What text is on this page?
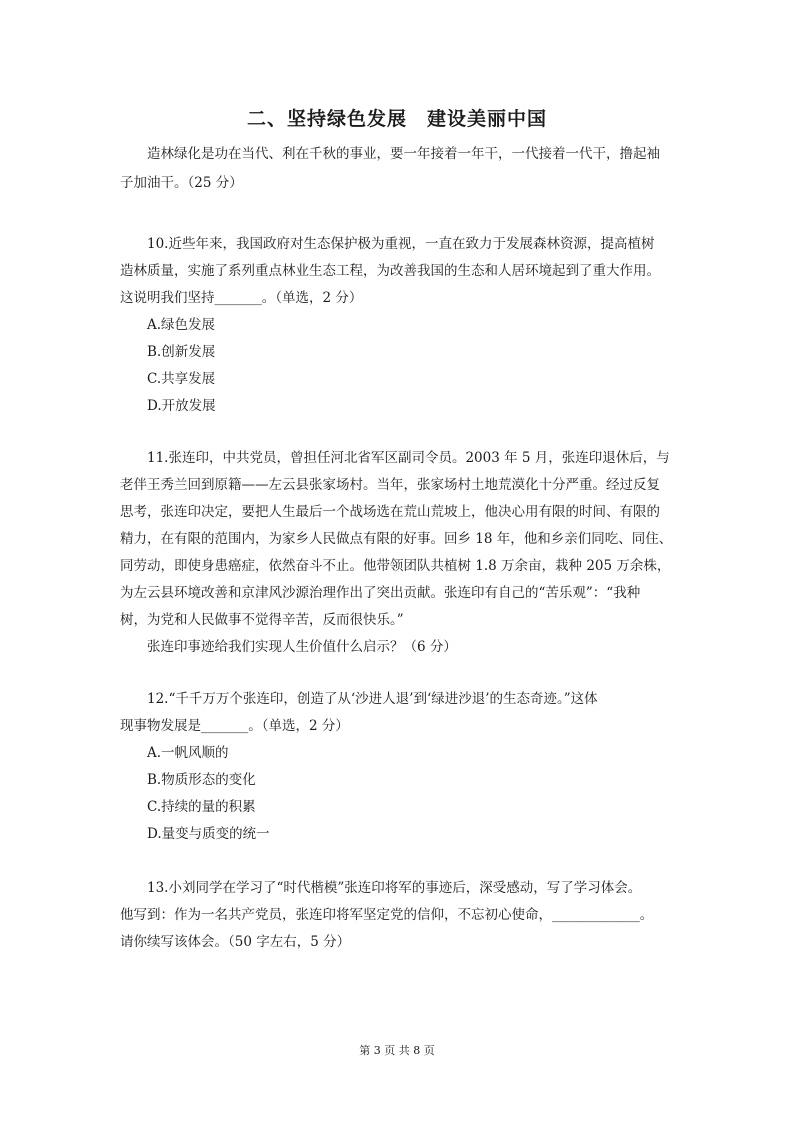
二、坚持绿色发展　建设美丽中国
造林绿化是功在当代、利在千秋的事业，要一年接着一年干，一代接着一代干，撸起袖
子加油干。（25 分）
10.近些年来，我国政府对生态保护极为重视，一直在致力于发展森林资源，提高植树
造林质量，实施了系列重点林业生态工程，为改善我国的生态和人居环境起到了重大作用。
这说明我们坚持_______。（单选，2 分）
A.绿色发展
B.创新发展
C.共享发展
D.开放发展
11.张连印，中共党员，曾担任河北省军区副司令员。2003 年 5 月，张连印退休后，与
老伴王秀兰回到原籍——左云县张家场村。当年，张家场村土地荒漠化十分严重。经过反复
思考，张连印决定，要把人生最后一个战场选在荒山荒坡上，他决心用有限的时间、有限的
精力，在有限的范围内，为家乡人民做点有限的好事。回乡 18 年，他和乡亲们同吃、同住、
同劳动，即使身患癌症，依然奋斗不止。他带领团队共植树 1.8 万余亩，栽种 205 万余株，
为左云县环境改善和京津风沙源治理作出了突出贡献。张连印有自己的“苦乐观”：“我种
树，为党和人民做事不觉得辛苦，反而很快乐。”
张连印事迹给我们实现人生价值什么启示？（6 分）
12.“千千万万个张连印，创造了从‘沙进人退’到‘绿进沙退’的生态奇迹。”这体
现事物发展是_______。（单选，2 分）
A.一帆风顺的
B.物质形态的变化
C.持续的量的积累
D.量变与质变的统一
13.小刘同学在学习了“时代楷模”张连印将军的事迹后，深受感动，写了学习体会。
他写到：作为一名共产党员，张连印将军坚定党的信仰，不忘初心使命，_____________。
请你续写该体会。（50 字左右，5 分）
第 3 页 共 8 页
